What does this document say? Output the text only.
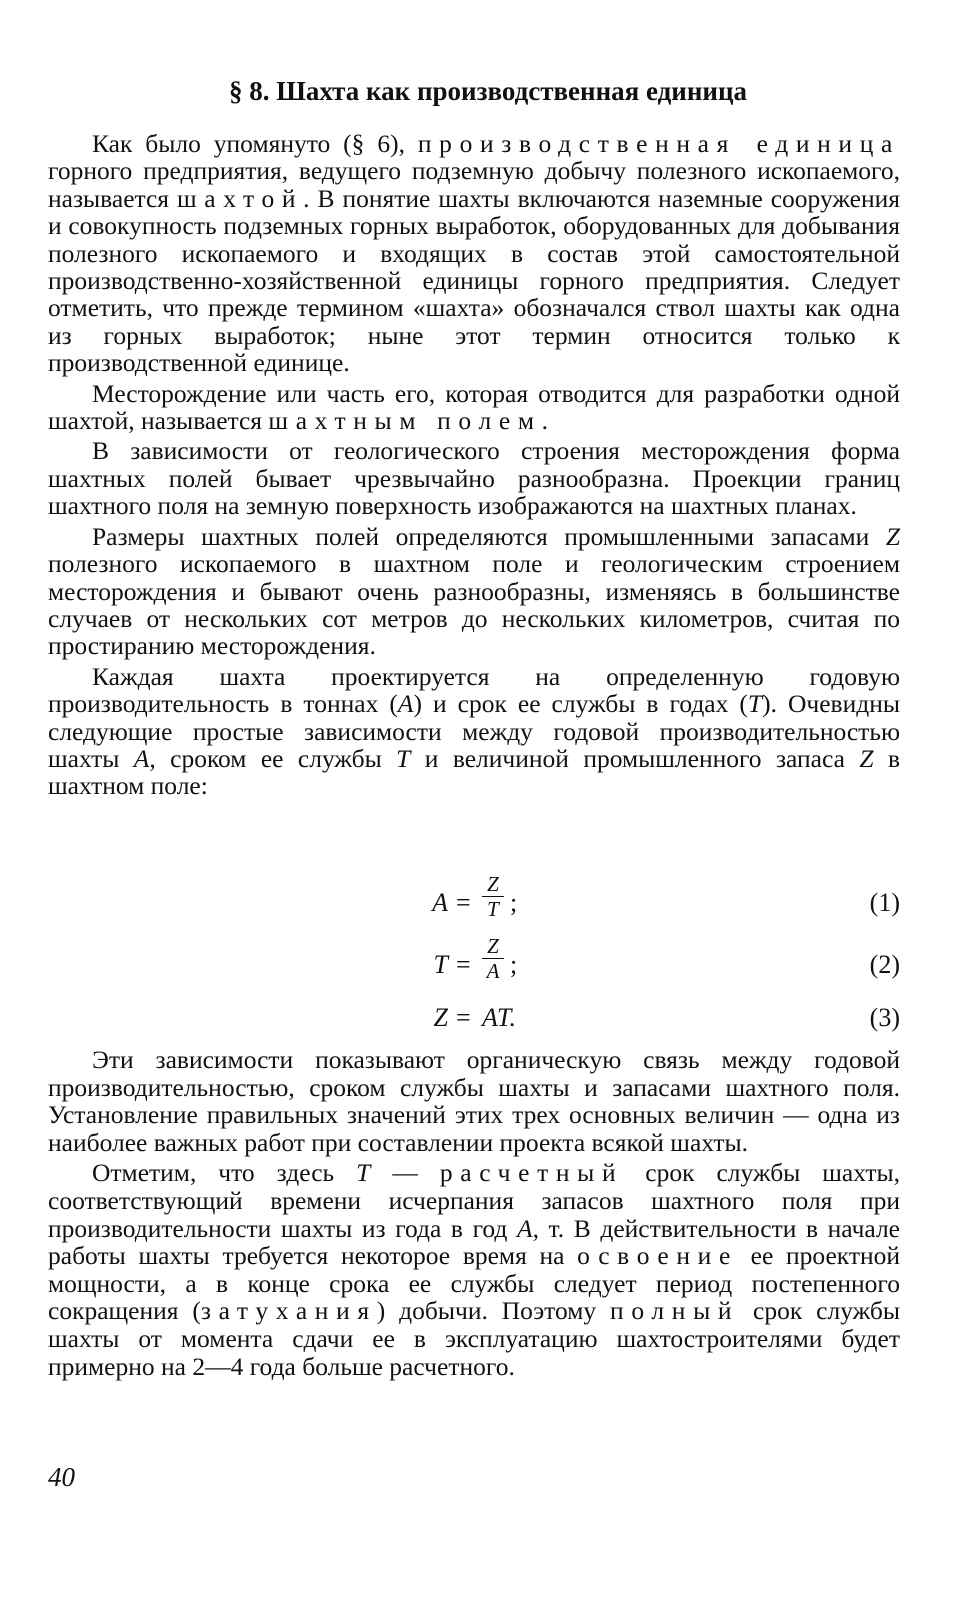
§ 8. Шахта как производственная единица

Как было упомянуто (§ 6), производственная единица горного предприятия, ведущего подземную добычу полезного ископаемого, называется шахтой. В понятие шахты включаются наземные сооружения и совокупность подземных горных выработок, оборудованных для добывания полезного ископаемого и входящих в состав этой самостоятельной производственно-хозяйственной единицы горного предприятия. Следует отметить, что прежде термином «шахта» обозначался ствол шахты как одна из горных выработок; ныне этот термин относится только к производственной единице.

Месторождение или часть его, которая отводится для разработки одной шахтой, называется шахтным полем.

В зависимости от геологического строения месторождения форма шахтных полей бывает чрезвычайно разнообразна. Проекции границ шахтного поля на земную поверхность изображаются на шахтных планах.

Размеры шахтных полей определяются промышленными запасами Z полезного ископаемого в шахтном поле и геологическим строением месторождения и бывают очень разнообразны, изменяясь в большинстве случаев от нескольких сот метров до нескольких километров, считая по простиранию месторождения.

Каждая шахта проектируется на определенную годовую производительность в тоннах (A) и срок ее службы в годах (T). Очевидны следующие простые зависимости между годовой производительностью шахты A, сроком ее службы T и величиной промышленного запаса Z в шахтном поле:

$A = \frac{Z}{T}$ ;	(1)
$T = \frac{Z}{A}$ ;	(2)
Z = AT.	(3)

Эти зависимости показывают органическую связь между годовой производительностью, сроком службы шахты и запасами шахтного поля. Установление правильных значений этих трех основных величин — одна из наиболее важных работ при составлении проекта всякой шахты.

Отметим, что здесь T — расчетный срок службы шахты, соответствующий времени исчерпания запасов шахтного поля при производительности шахты из года в год A, т. В действительности в начале работы шахты требуется некоторое время на освоение ее проектной мощности, а в конце срока ее службы следует период постепенного сокращения (затухания) добычи. Поэтому полный срок службы шахты от момента сдачи ее в эксплуатацию шахтостроителями будет примерно на 2—4 года больше расчетного.

40
